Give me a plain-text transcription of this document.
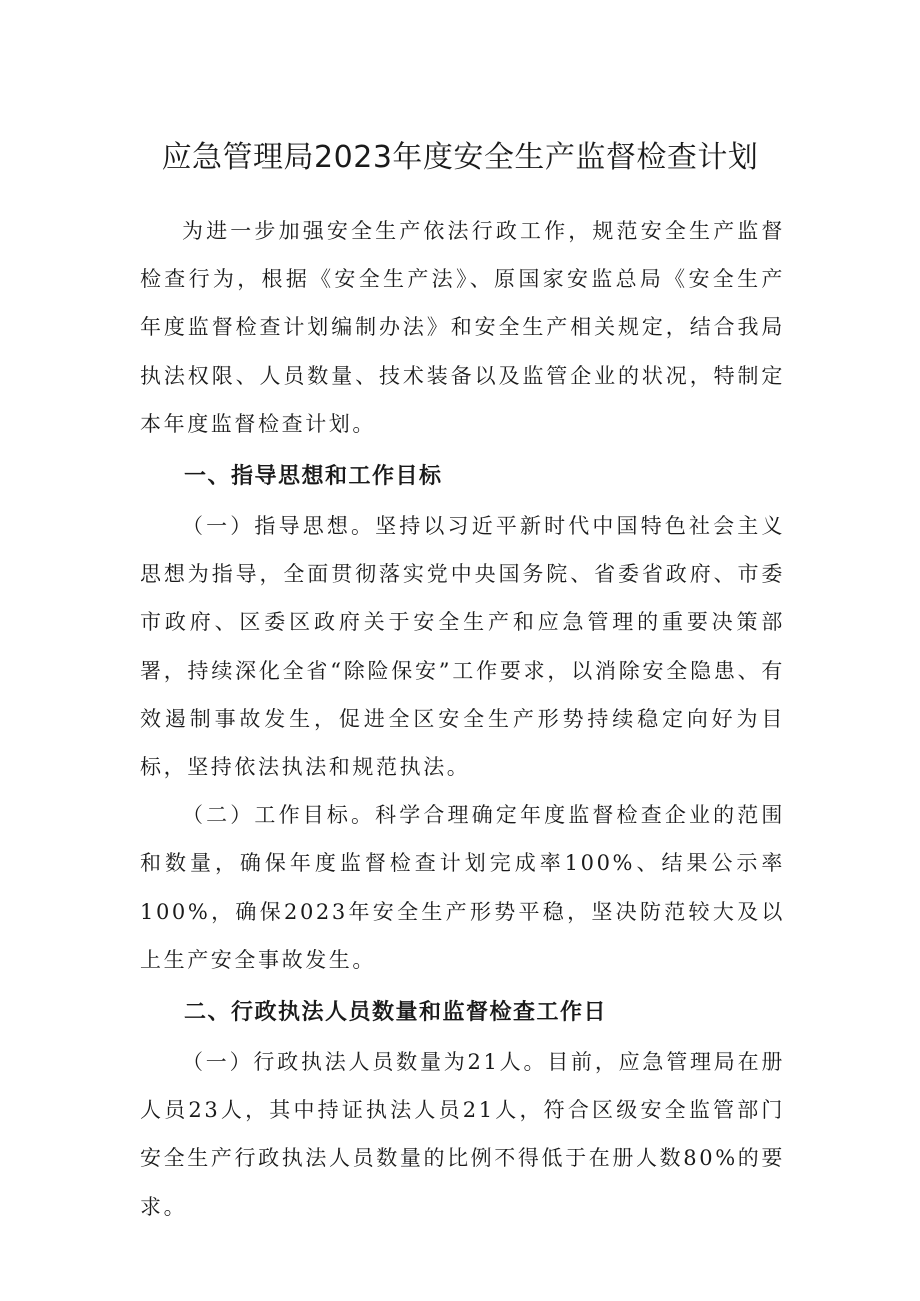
应急管理局2023年度安全生产监督检查计划

为进一步加强安全生产依法行政工作，规范安全生产监督检查行为，根据《安全生产法》、原国家安监总局《安全生产年度监督检查计划编制办法》和安全生产相关规定，结合我局执法权限、人员数量、技术装备以及监管企业的状况，特制定本年度监督检查计划。

一、指导思想和工作目标

（一）指导思想。坚持以习近平新时代中国特色社会主义思想为指导，全面贯彻落实党中央国务院、省委省政府、市委市政府、区委区政府关于安全生产和应急管理的重要决策部署，持续深化全省“除险保安”工作要求，以消除安全隐患、有效遏制事故发生，促进全区安全生产形势持续稳定向好为目标，坚持依法执法和规范执法。

（二）工作目标。科学合理确定年度监督检查企业的范围和数量，确保年度监督检查计划完成率100%、结果公示率100%，确保2023年安全生产形势平稳，坚决防范较大及以上生产安全事故发生。

二、行政执法人员数量和监督检查工作日

（一）行政执法人员数量为21人。目前，应急管理局在册人员23人，其中持证执法人员21人，符合区级安全监管部门安全生产行政执法人员数量的比例不得低于在册人数80%的要求。
